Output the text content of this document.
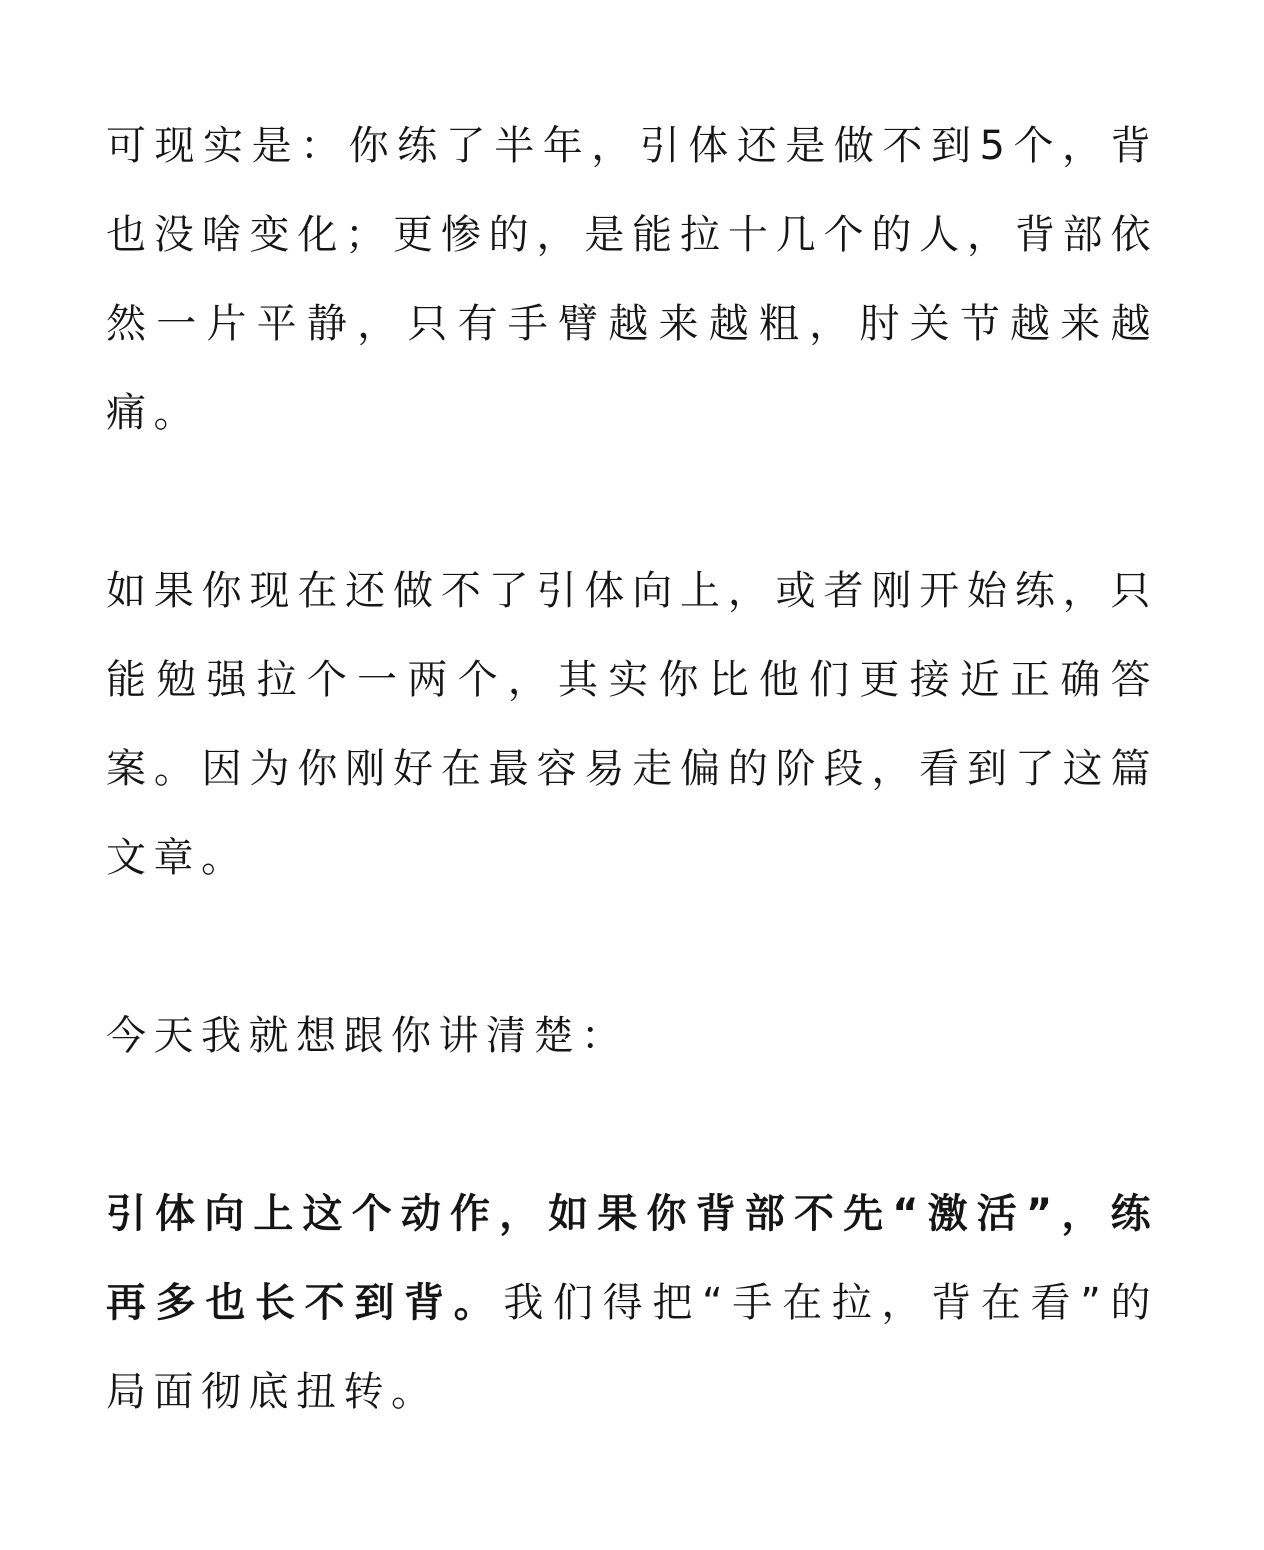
可现实是：你练了半年，引体还是做不到5个，背也没啥变化；更惨的，是能拉十几个的人，背部依然一片平静，只有手臂越来越粗，肘关节越来越痛。

如果你现在还做不了引体向上，或者刚开始练，只能勉强拉个一两个，其实你比他们更接近正确答案。因为你刚好在最容易走偏的阶段，看到了这篇文章。

今天我就想跟你讲清楚：

引体向上这个动作，如果你背部不先“激活”，练再多也长不到背。我们得把“手在拉，背在看”的局面彻底扭转。
